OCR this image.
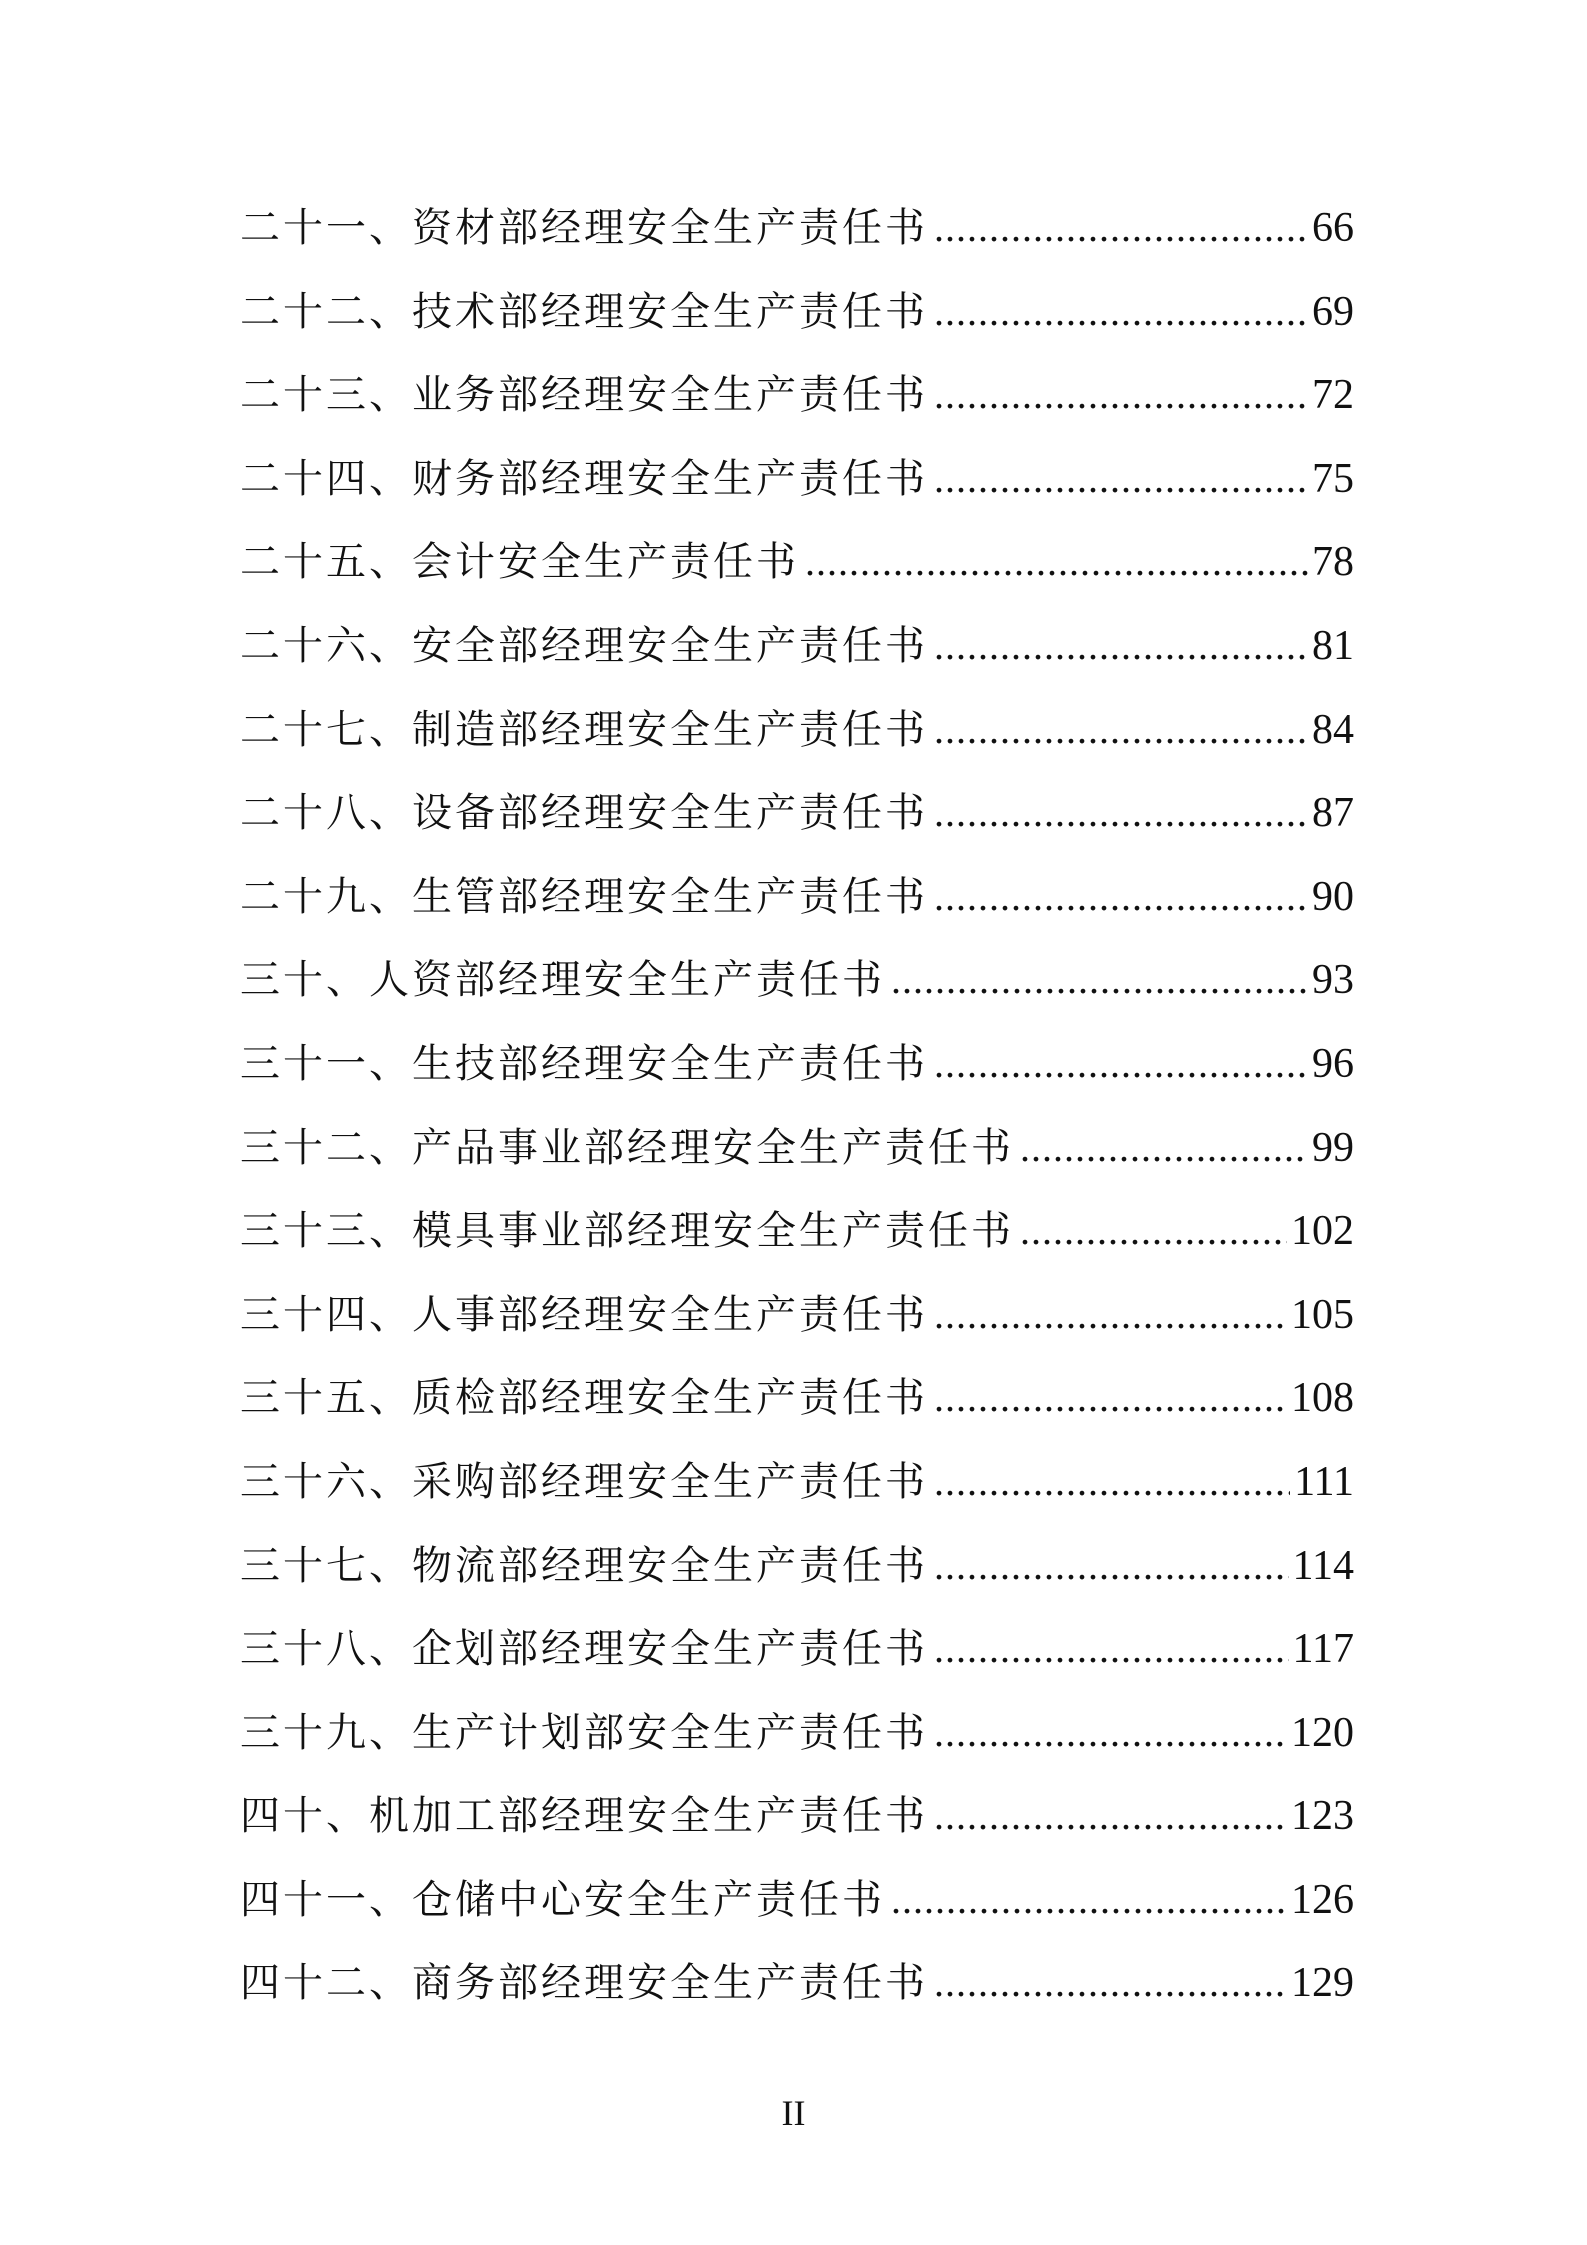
二十一、资材部经理安全生产责任书 .....	66
二十二、技术部经理安全生产责任书 .....	69
二十三、业务部经理安全生产责任书 .....	72
二十四、财务部经理安全生产责任书 .....	75
二十五、会计安全生产责任书 .....	78
二十六、安全部经理安全生产责任书 .....	81
二十七、制造部经理安全生产责任书 .....	84
二十八、设备部经理安全生产责任书 .....	87
二十九、生管部经理安全生产责任书 .....	90
三十、人资部经理安全生产责任书 .....	93
三十一、生技部经理安全生产责任书 .....	96
三十二、产品事业部经理安全生产责任书 .....	99
三十三、模具事业部经理安全生产责任书 .....	102
三十四、人事部经理安全生产责任书 .....	105
三十五、质检部经理安全生产责任书 .....	108
三十六、采购部经理安全生产责任书 .....	111
三十七、物流部经理安全生产责任书 .....	114
三十八、企划部经理安全生产责任书 .....	117
三十九、生产计划部安全生产责任书 .....	120
四十、机加工部经理安全生产责任书 .....	123
四十一、仓储中心安全生产责任书 .....	126
四十二、商务部经理安全生产责任书 .....	129
II
